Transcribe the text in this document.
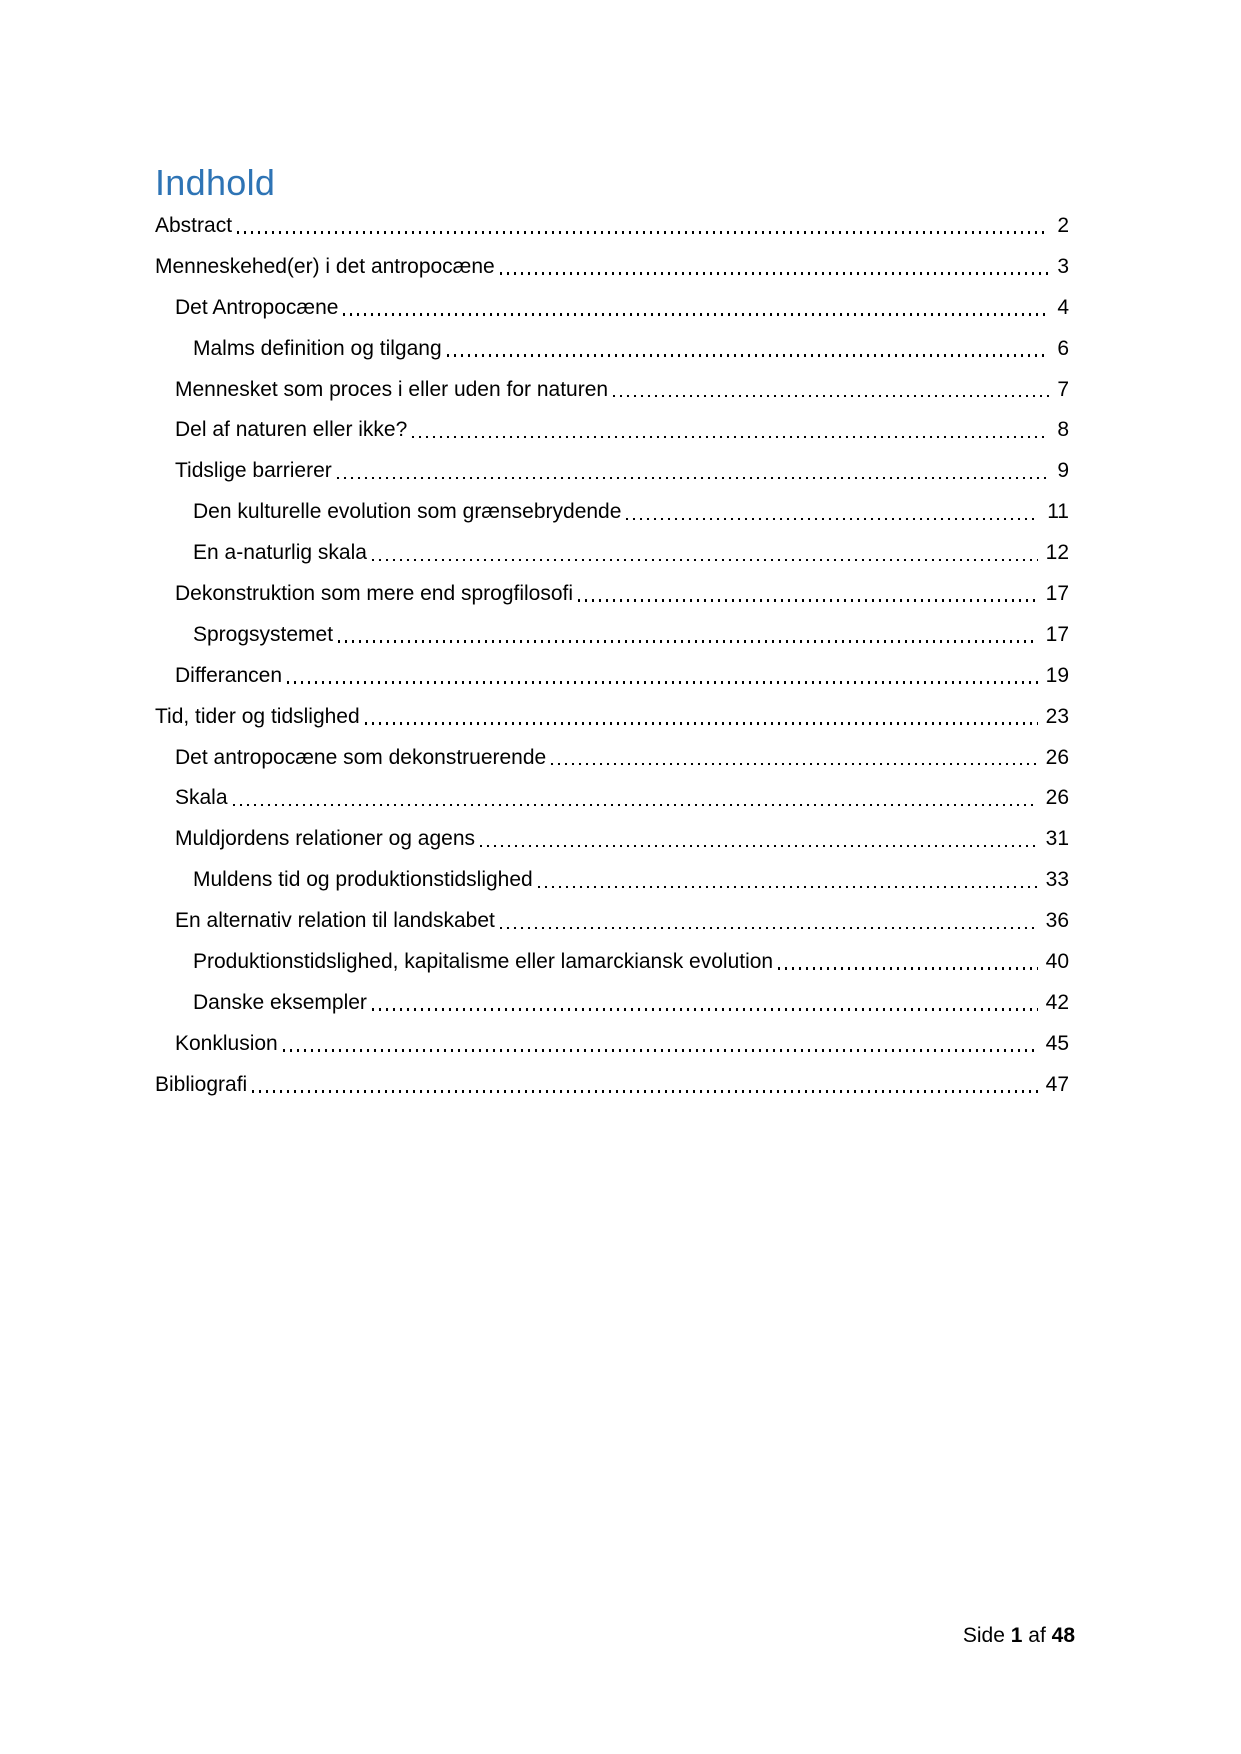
Indhold
Abstract	2
Menneskehed(er) i det antropocæne	3
Det Antropocæne	4
Malms definition og tilgang	6
Mennesket som proces i eller uden for naturen	7
Del af naturen eller ikke?	8
Tidslige barrierer	9
Den kulturelle evolution som grænsebrydende	11
En a-naturlig skala	12
Dekonstruktion som mere end sprogfilosofi	17
Sprogsystemet	17
Differancen	19
Tid, tider og tidslighed	23
Det antropocæne som dekonstruerende	26
Skala	26
Muldjordens relationer og agens	31
Muldens tid og produktionstidslighed	33
En alternativ relation til landskabet	36
Produktionstidslighed, kapitalisme eller lamarckiansk evolution	40
Danske eksempler	42
Konklusion	45
Bibliografi	47
Side 1 af 48
